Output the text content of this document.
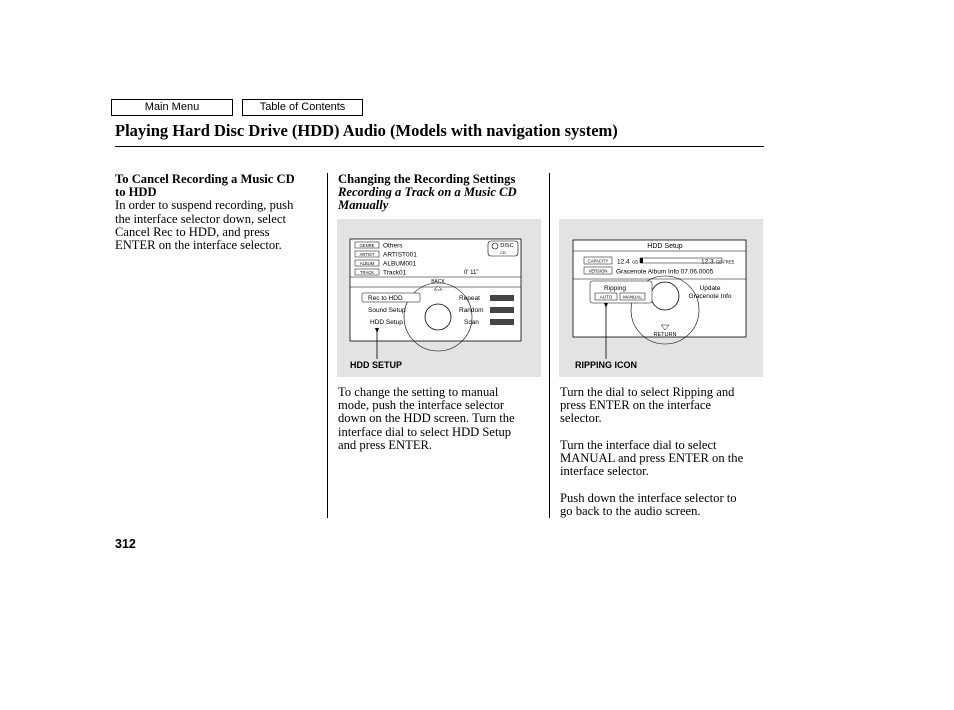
Main Menu	Table of Contents
Playing Hard Disc Drive (HDD) Audio (Models with navigation system)
To Cancel Recording a Music CD
to HDD
In order to suspend recording, push
the interface selector down, select
Cancel Rec to HDD, and press
ENTER on the interface selector.
Changing the Recording Settings
Recording a Track on a Music CD
Manually
GENRE Others
ARTIST ARTIST001
ALBUM ALBUM001
TRACK Track01	0' 11''
DISC
CD
BACK
Rec to HDD
Sound Setup
HDD Setup
Repeat
Random
Scan
HDD SETUP
HDD Setup
CAPACITY 12.4 GB	12.3 GB FREE
VERSION Gracenote Album Info 07.06.0005
Ripping
AUTO MANUAL
Update
Gracenote Info
RETURN
RIPPING ICON
To change the setting to manual
mode, push the interface selector
down on the HDD screen. Turn the
interface dial to select HDD Setup
and press ENTER.
Turn the dial to select Ripping and
press ENTER on the interface
selector.
Turn the interface dial to select
MANUAL and press ENTER on the
interface selector.
Push down the interface selector to
go back to the audio screen.
312
